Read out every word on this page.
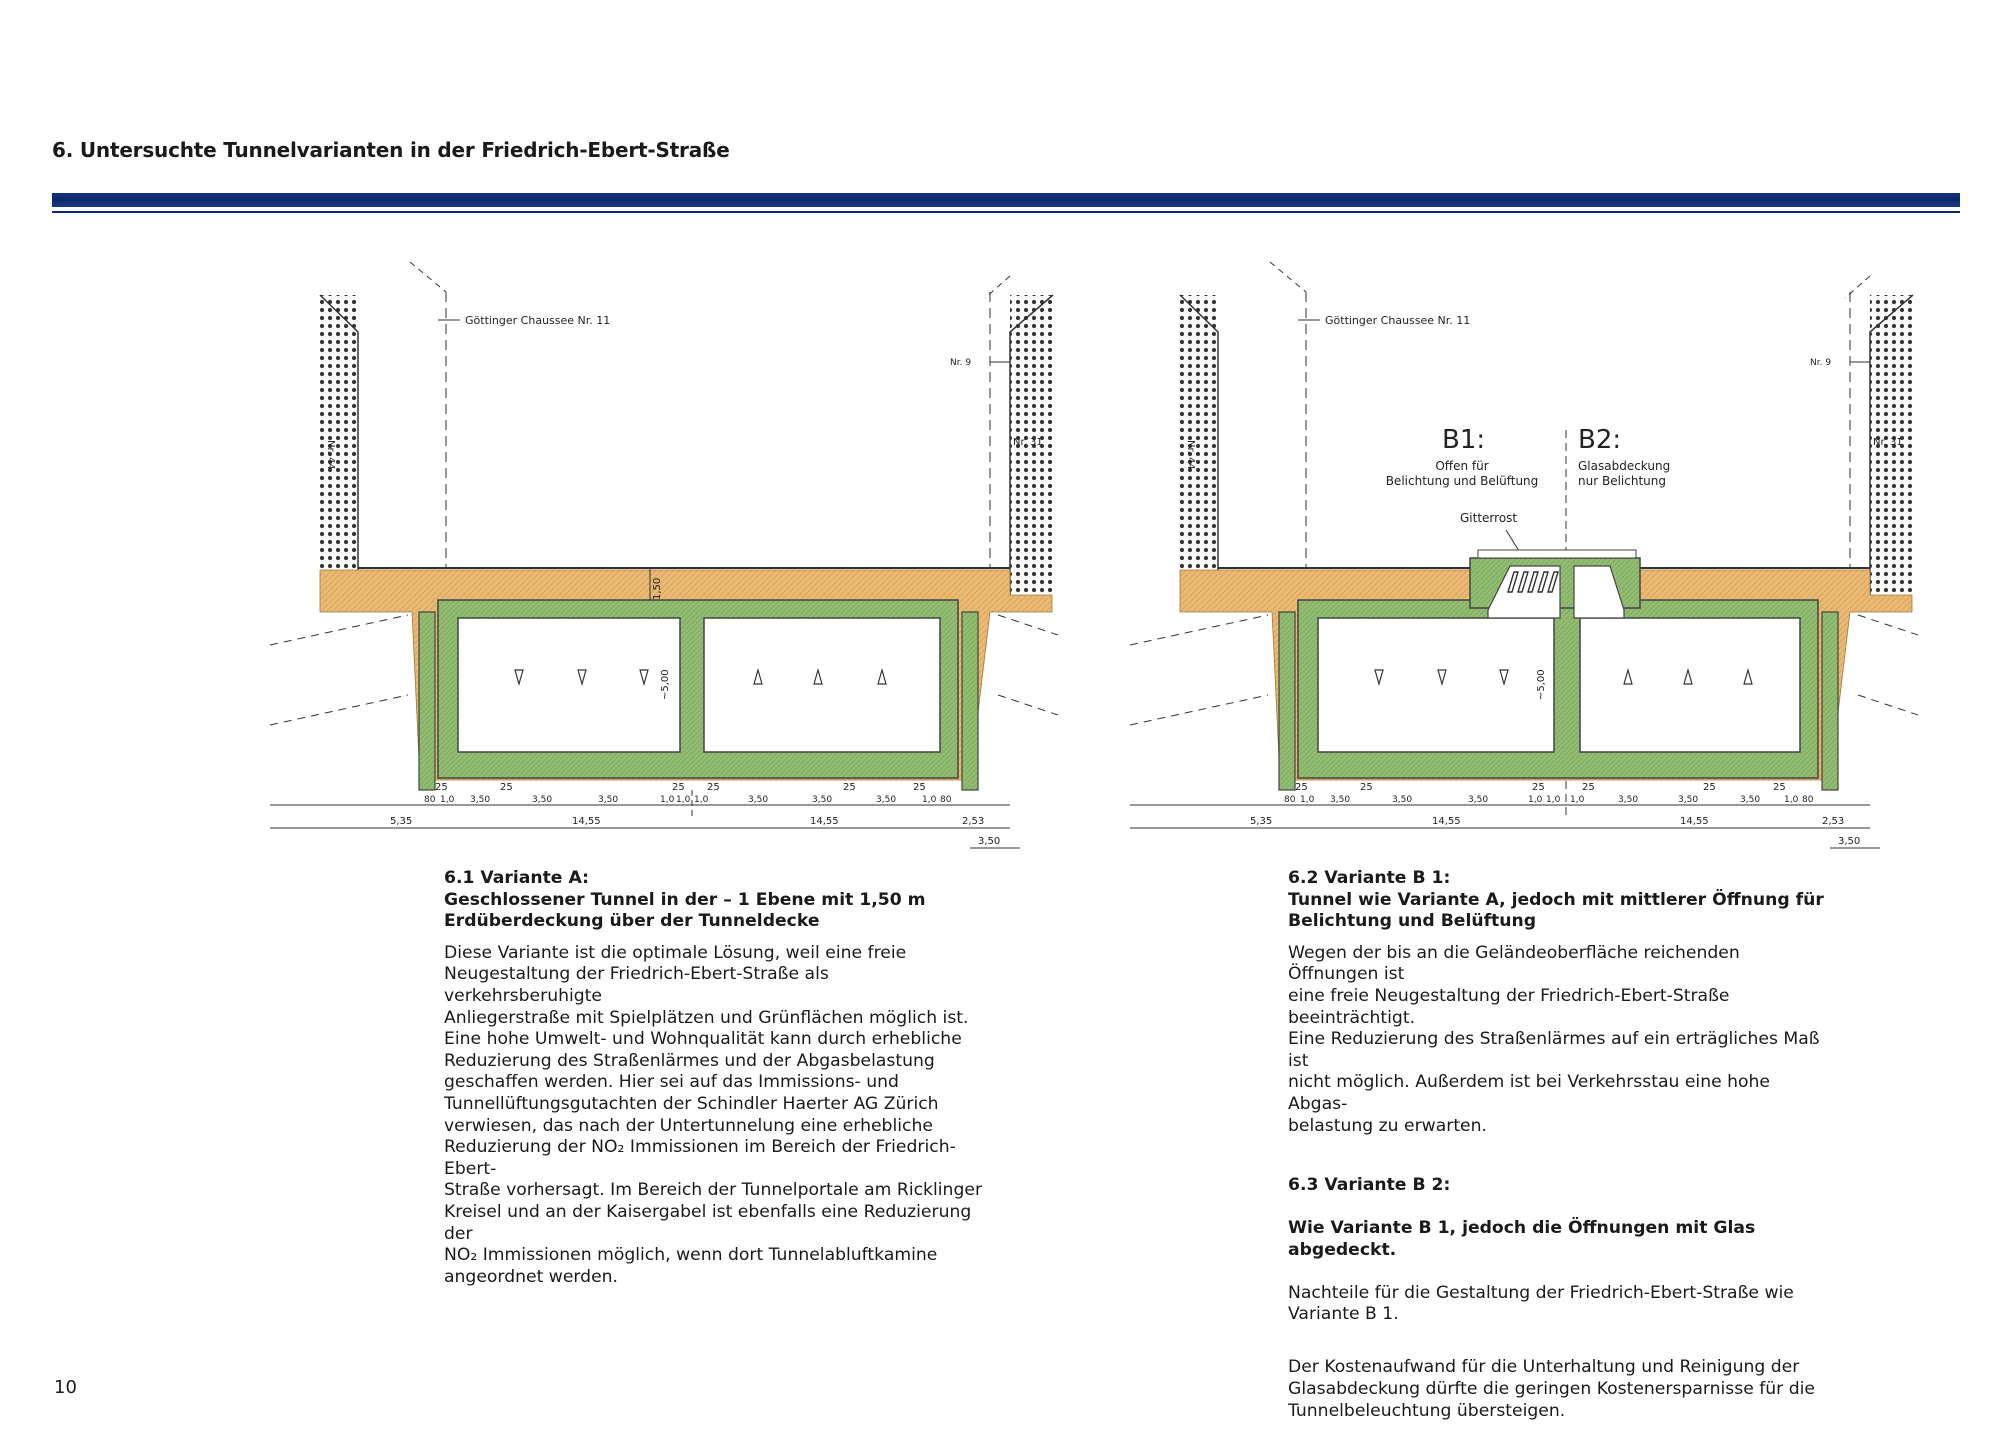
6. Untersuchte Tunnelvarianten in der Friedrich-Ebert-Straße
Nr. 44	Nr. 31
Nr. 9
Göttinger Chaussee Nr. 11
~5,00
1,50
25	25	25 25	25	25
80 1,0 3,50	3,50	3,50	1,0 1,0 1,0	3,50	3,50	3,50	1,0 80
5,35	14,55	14,55	2,53
3,50
Nr. 44	Nr. 31
Nr. 9
Göttinger Chaussee Nr. 11
B1:
Offen für
Belichtung und Belüftung
B2:
Glasabdeckung
nur Belichtung
Gitterrost
~5,00
25	25	25	25	25	25
80 1,0 3,50	3,50	3,50	1,0 1,0 1,0	3,50	3,50	3,50	1,0 80
5,35	14,55	14,55	2,53
3,50
6.1 Variante A:
Geschlossener Tunnel in der – 1 Ebene mit 1,50 m
Erdüberdeckung über der Tunneldecke

Diese Variante ist die optimale Lösung, weil eine freie
Neugestaltung der Friedrich-Ebert-Straße als verkehrsberuhigte
Anliegerstraße mit Spielplätzen und Grünflächen möglich ist.
Eine hohe Umwelt- und Wohnqualität kann durch erhebliche
Reduzierung des Straßenlärmes und der Abgasbelastung
geschaffen werden. Hier sei auf das Immissions- und
Tunnellüftungsgutachten der Schindler Haerter AG Zürich
verwiesen, das nach der Untertunnelung eine erhebliche
Reduzierung der NO₂ Immissionen im Bereich der Friedrich-Ebert-
Straße vorhersagt. Im Bereich der Tunnelportale am Ricklinger
Kreisel und an der Kaisergabel ist ebenfalls eine Reduzierung der
NO₂ Immissionen möglich, wenn dort Tunnelabluftkamine
angeordnet werden.

6.2 Variante B 1:
Tunnel wie Variante A, jedoch mit mittlerer Öffnung für
Belichtung und Belüftung

Wegen der bis an die Geländeoberfläche reichenden Öffnungen ist
eine freie Neugestaltung der Friedrich-Ebert-Straße beeinträchtigt.
Eine Reduzierung des Straßenlärmes auf ein erträgliches Maß ist
nicht möglich. Außerdem ist bei Verkehrsstau eine hohe Abgas-
belastung zu erwarten.

6.3 Variante B 2:

Wie Variante B 1, jedoch die Öffnungen mit Glas abgedeckt.

Nachteile für die Gestaltung der Friedrich-Ebert-Straße wie
Variante B 1.

Der Kostenaufwand für die Unterhaltung und Reinigung der
Glasabdeckung dürfte die geringen Kostenersparnisse für die
Tunnelbeleuchtung übersteigen.

10
